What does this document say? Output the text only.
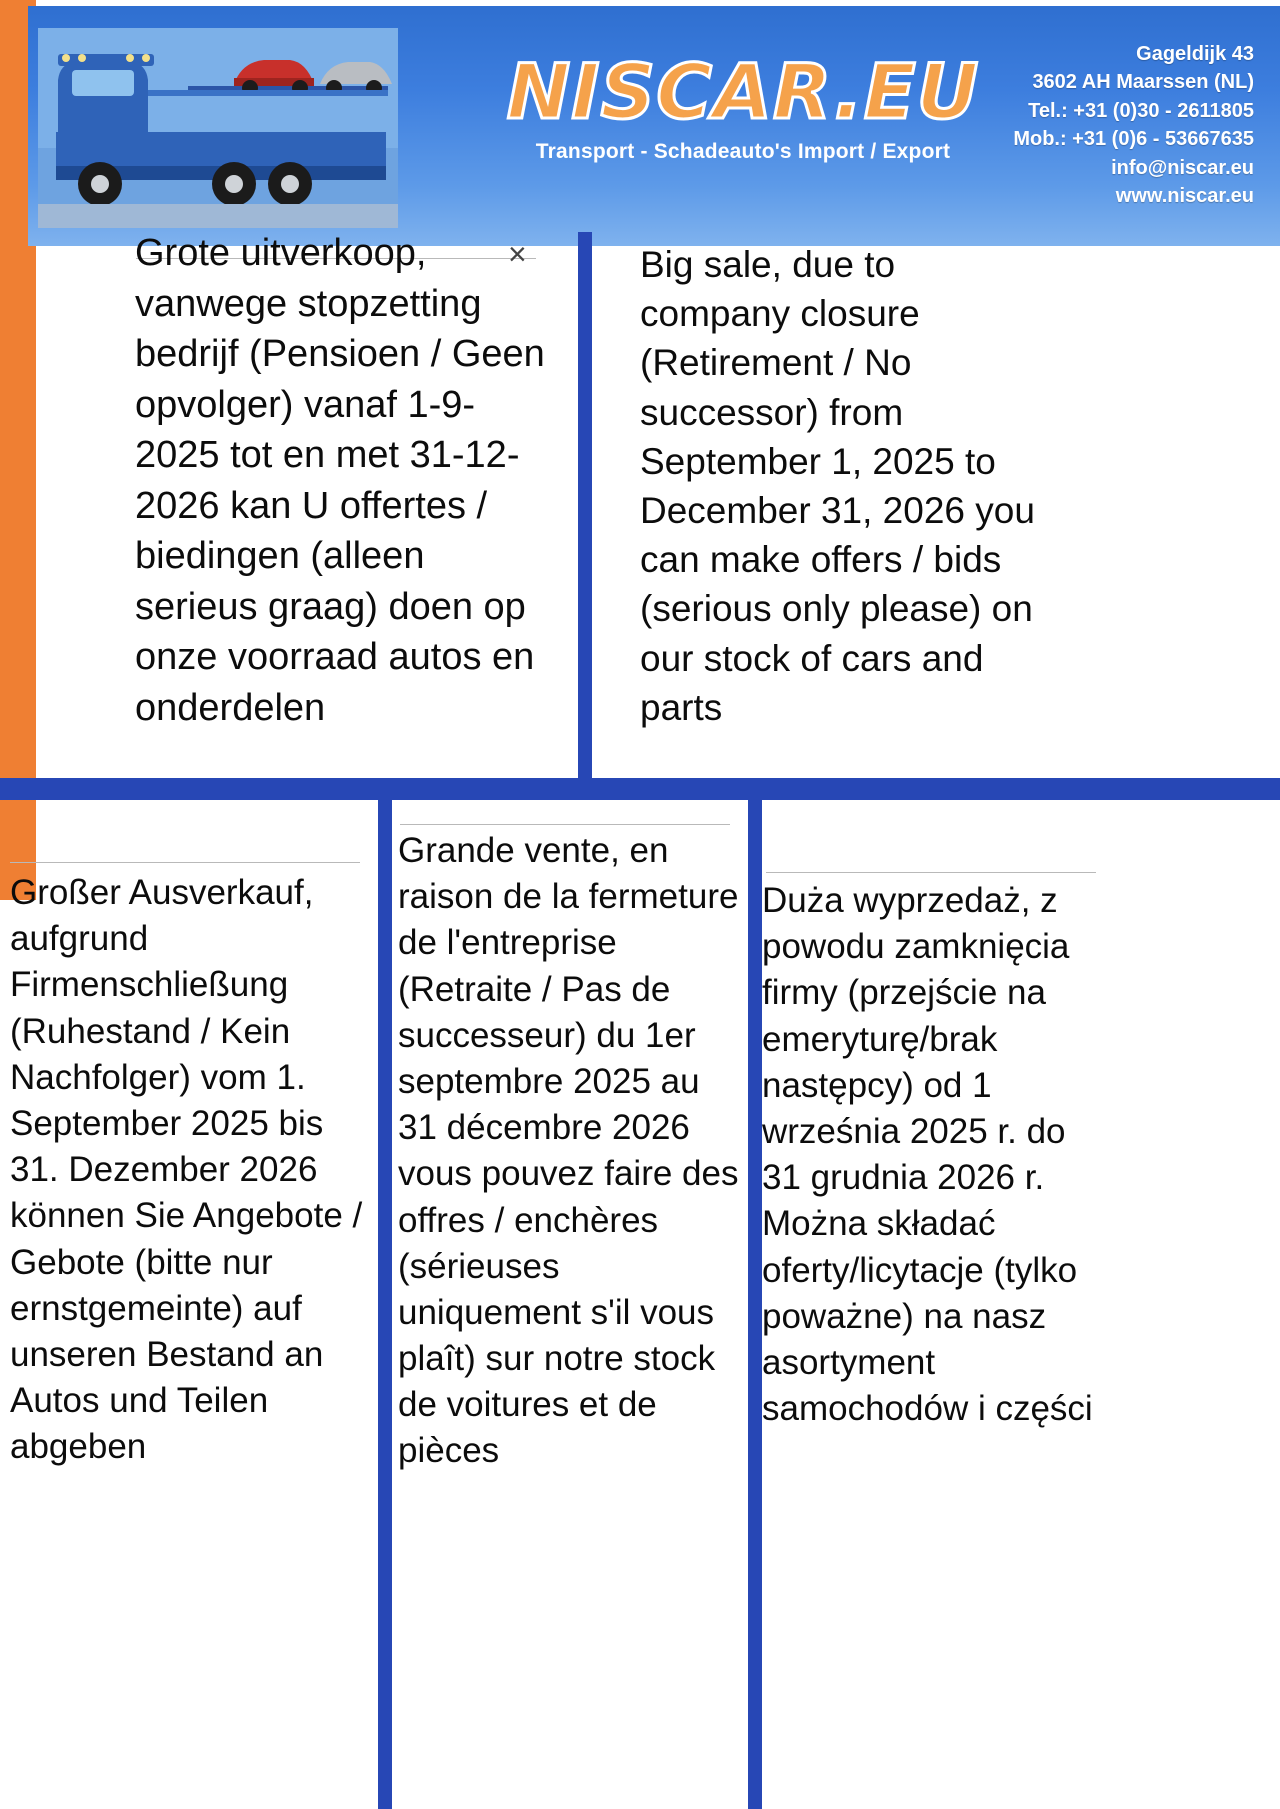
NISCAR.EU
Transport - Schadeauto's Import / Export
Gageldijk 43
3602 AH Maarssen (NL)
Tel.: +31 (0)30 - 2611805
Mob.: +31 (0)6 - 53667635
info@niscar.eu
www.niscar.eu

Grote uitverkoop, vanwege stopzetting bedrijf (Pensioen / Geen opvolger) vanaf 1-9-2025 tot en met 31-12-2026 kan U offertes / biedingen (alleen serieus graag) doen op onze voorraad autos en onderdelen

×	Big sale, due to company closure (Retirement / No successor) from September 1, 2025 to December 31, 2026 you can make offers / bids (serious only please) on our stock of cars and parts

Großer Ausverkauf, aufgrund Firmenschließung (Ruhestand / Kein Nachfolger) vom 1. September 2025 bis 31. Dezember 2026 können Sie Angebote / Gebote (bitte nur ernstgemeinte) auf unseren Bestand an Autos und Teilen abgeben

Grande vente, en raison de la fermeture de l'entreprise (Retraite / Pas de successeur) du 1er septembre 2025 au 31 décembre 2026 vous pouvez faire des offres / enchères (sérieuses uniquement s'il vous plaît) sur notre stock de voitures et de pièces

Duża wyprzedaż, z powodu zamknięcia firmy (przejście na emeryturę/brak następcy) od 1 września 2025 r. do 31 grudnia 2026 r. Można składać oferty/licytacje (tylko poważne) na nasz asortyment samochodów i części
